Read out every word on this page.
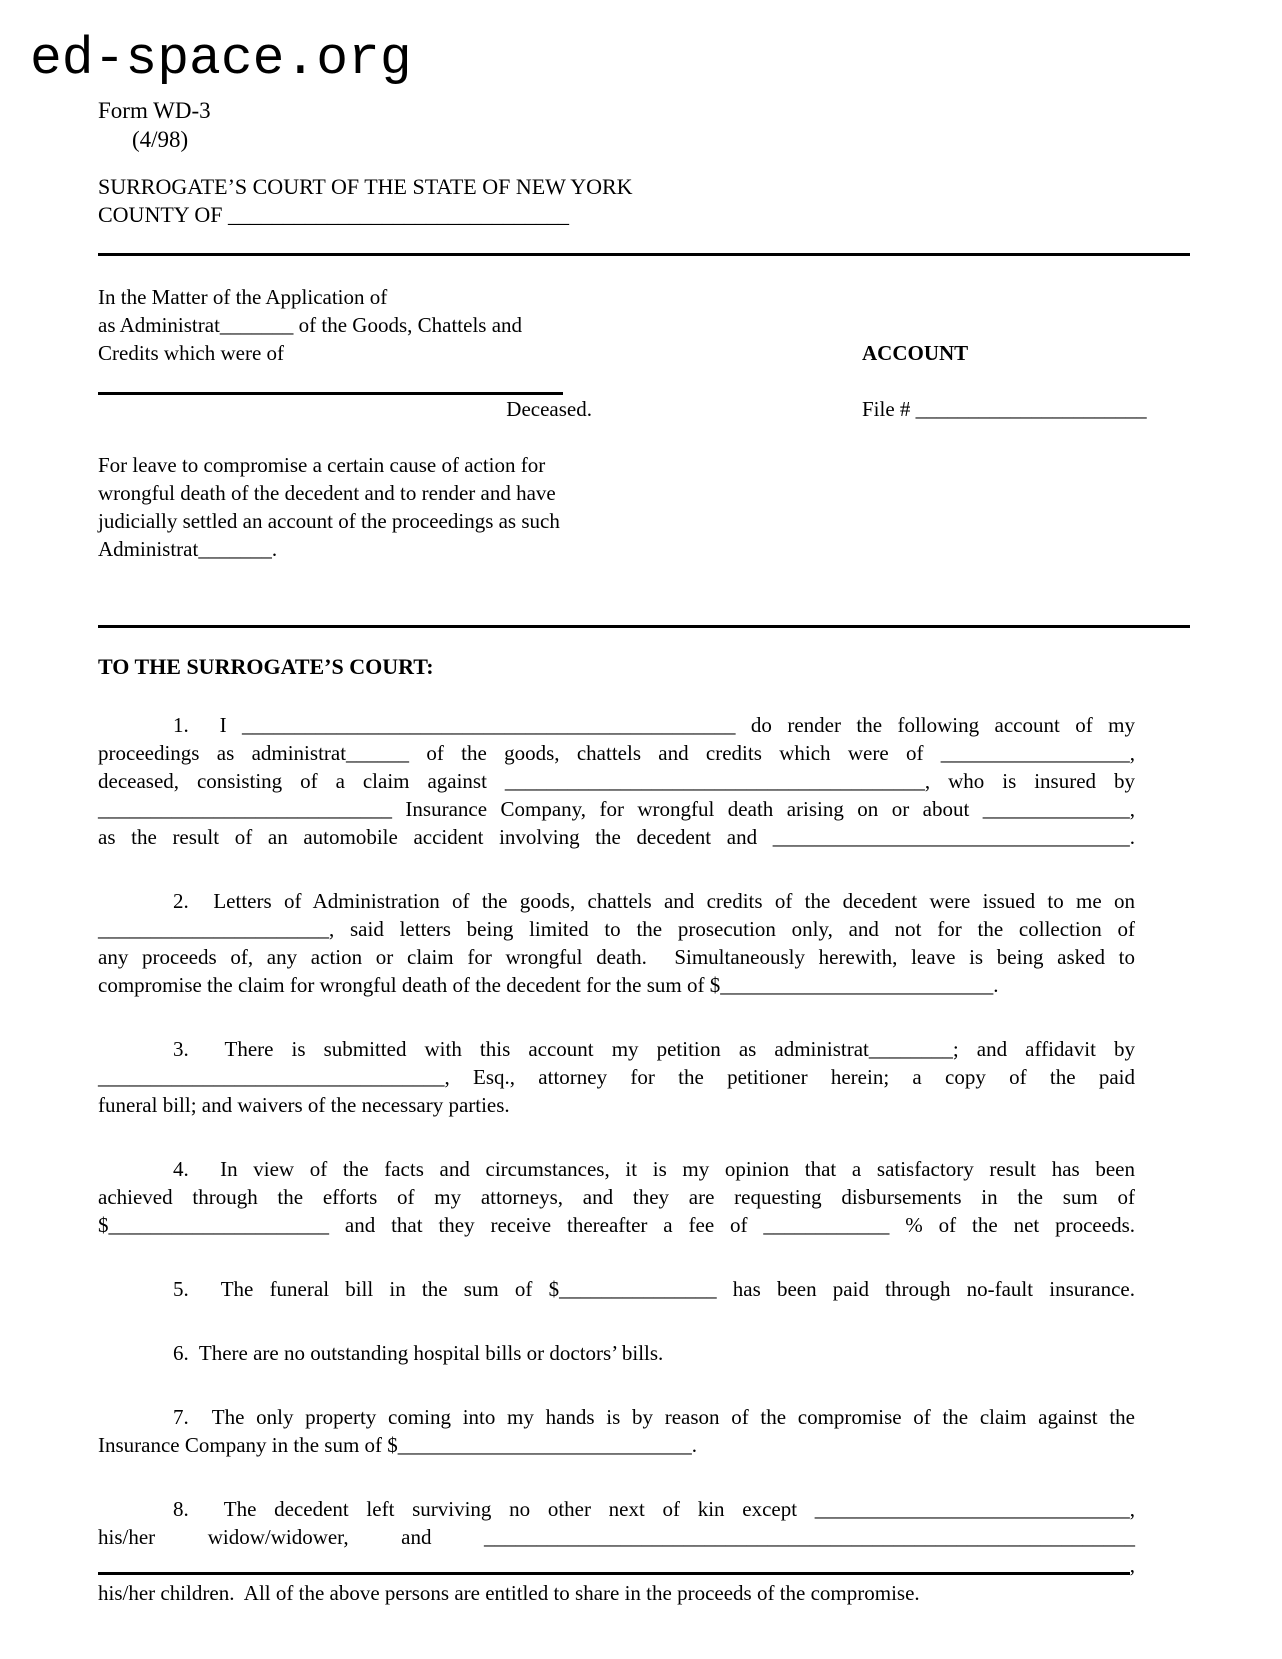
ed-space.org
Form WD-3
(4/98)
SURROGATE’S COURT OF THE STATE OF NEW YORK
COUNTY OF _______________________________
In the Matter of the Application of
as Administrat_______ of the Goods, Chattels and
Credits which were of
Deceased.
ACCOUNT
File # ______________________
For leave to compromise a certain cause of action for
wrongful death of the decedent and to render and have
judicially settled an account of the proceedings as such
Administrat_______.
TO THE SURROGATE’S COURT:
1.  I _______________________________________________ do render the following account of my
proceedings as administrat______ of the goods, chattels and credits which were of __________________,
deceased, consisting of a claim against ________________________________________, who is insured by
____________________________ Insurance Company, for wrongful death arising on or about ______________,
as the result of an automobile accident involving the decedent and __________________________________.
2.  Letters of Administration of the goods, chattels and credits of the decedent were issued to me on
______________________, said letters being limited to the prosecution only, and not for the collection of
any proceeds of, any action or claim for wrongful death.  Simultaneously herewith, leave is being asked to
compromise the claim for wrongful death of the decedent for the sum of $__________________________.
3.  There is submitted with this account my petition as administrat________; and affidavit by
_________________________________, Esq., attorney for the petitioner herein; a copy of the paid
funeral bill; and waivers of the necessary parties.
4.  In view of the facts and circumstances, it is my opinion that a satisfactory result has been
achieved through the efforts of my attorneys, and they are requesting disbursements in the sum of
$_____________________ and that they receive thereafter a fee of ____________ % of the net proceeds.
5.  The funeral bill in the sum of $_______________ has been paid through no-fault insurance.
6.  There are no outstanding hospital bills or doctors’ bills.
7.  The only property coming into my hands is by reason of the compromise of the claim against the
Insurance Company in the sum of $____________________________.
8.  The decedent left surviving no other next of kin except ______________________________,
his/her widow/widower, and ______________________________________________________________
,
his/her children.  All of the above persons are entitled to share in the proceeds of the compromise.
